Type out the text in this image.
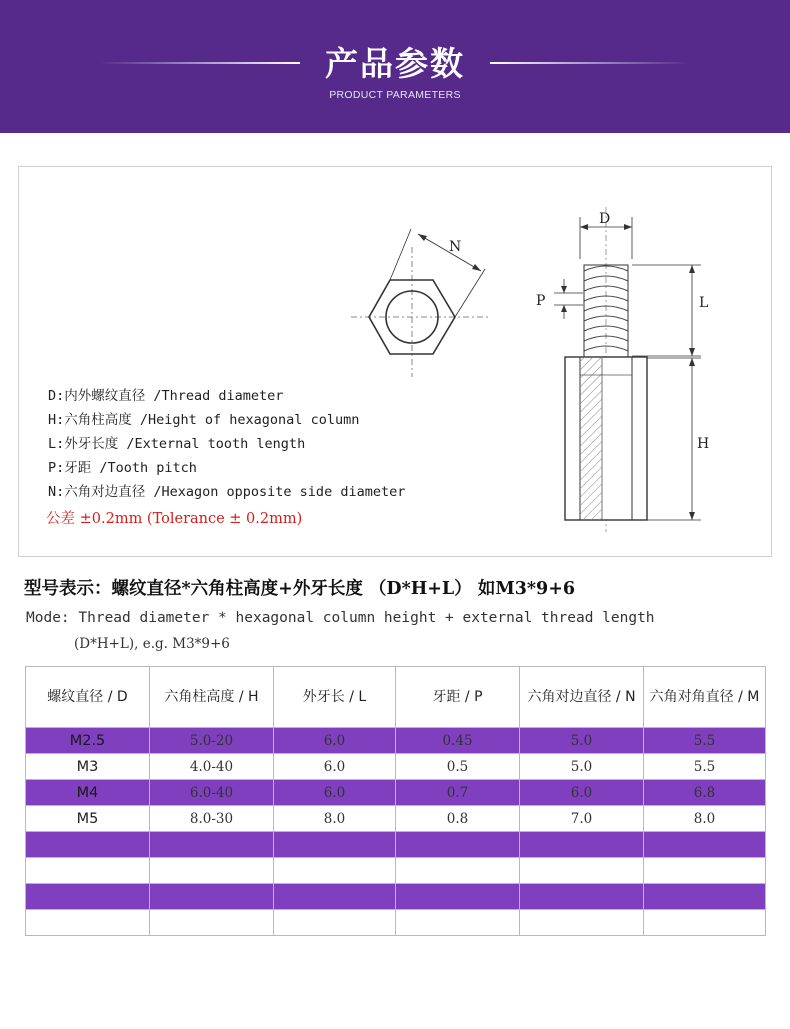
产品参数
PRODUCT PARAMETERS
N
D
P	L
H
D:内外螺纹直径 /Thread diameter
H:六角柱高度 /Height of hexagonal column
L:外牙长度 /External tooth length
P:牙距 /Tooth pitch
N:六角对边直径 /Hexagon opposite side diameter
公差 ±0.2mm (Tolerance ± 0.2mm)
型号表示：螺纹直径*六角柱高度+外牙长度 （D*H+L） 如M3*9+6
Mode: Thread diameter * hexagonal column height + external thread length
(D*H+L), e.g. M3*9+6
螺纹直径 / D	六角柱高度 / H	外牙长 / L	牙距 / P	六角对边直径 / N	六角对角直径 / M
M2.5	5.0-20	6.0	0.45	5.0	5.5
M3	4.0-40	6.0	0.5	5.0	5.5
M4	6.0-40	6.0	0.7	6.0	6.8
M5	8.0-30	8.0	0.8	7.0	8.0
